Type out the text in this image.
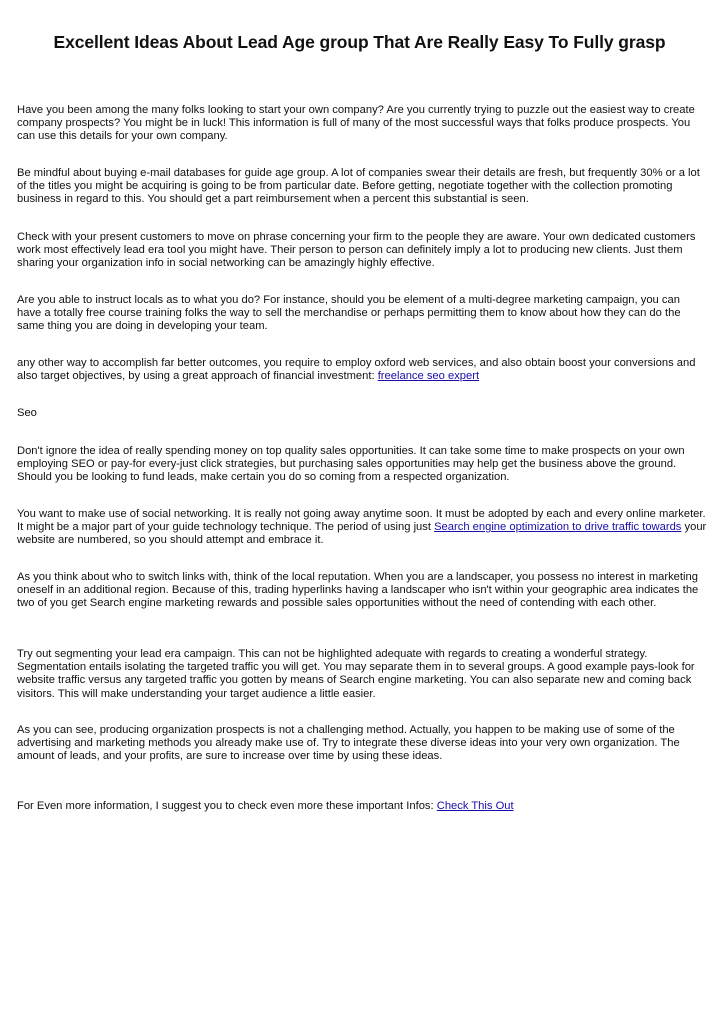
Excellent Ideas About Lead Age group That Are Really Easy To Fully grasp

Have you been among the many folks looking to start your own company? Are you currently trying to puzzle out the easiest way to create company prospects? You might be in luck! This information is full of many of the most successful ways that folks produce prospects. You can use this details for your own company.

Be mindful about buying e-mail databases for guide age group. A lot of companies swear their details are fresh, but frequently 30% or a lot of the titles you might be acquiring is going to be from particular date. Before getting, negotiate together with the collection promoting business in regard to this. You should get a part reimbursement when a percent this substantial is seen.

Check with your present customers to move on phrase concerning your firm to the people they are aware. Your own dedicated customers work most effectively lead era tool you might have. Their person to person can definitely imply a lot to producing new clients. Just them sharing your organization info in social networking can be amazingly highly effective.

Are you able to instruct locals as to what you do? For instance, should you be element of a multi-degree marketing campaign, you can have a totally free course training folks the way to sell the merchandise or perhaps permitting them to know about how they can do the same thing you are doing in developing your team.

any other way to accomplish far better outcomes, you require to employ oxford web services, and also obtain boost your conversions and also target objectives, by using a great approach of financial investment: freelance seo expert

Seo

Don't ignore the idea of really spending money on top quality sales opportunities. It can take some time to make prospects on your own employing SEO or pay-for every-just click strategies, but purchasing sales opportunities may help get the business above the ground. Should you be looking to fund leads, make certain you do so coming from a respected organization.

You want to make use of social networking. It is really not going away anytime soon. It must be adopted by each and every online marketer. It might be a major part of your guide technology technique. The period of using just Search engine optimization to drive traffic towards your website are numbered, so you should attempt and embrace it.

As you think about who to switch links with, think of the local reputation. When you are a landscaper, you possess no interest in marketing oneself in an additional region. Because of this, trading hyperlinks having a landscaper who isn't within your geographic area indicates the two of you get Search engine marketing rewards and possible sales opportunities without the need of contending with each other.

Try out segmenting your lead era campaign. This can not be highlighted adequate with regards to creating a wonderful strategy. Segmentation entails isolating the targeted traffic you will get. You may separate them in to several groups. A good example pays-look for website traffic versus any targeted traffic you gotten by means of Search engine marketing. You can also separate new and coming back visitors. This will make understanding your target audience a little easier.

As you can see, producing organization prospects is not a challenging method. Actually, you happen to be making use of some of the advertising and marketing methods you already make use of. Try to integrate these diverse ideas into your very own organization. The amount of leads, and your profits, are sure to increase over time by using these ideas.

For Even more information, I suggest you to check even more these important Infos: Check This Out
